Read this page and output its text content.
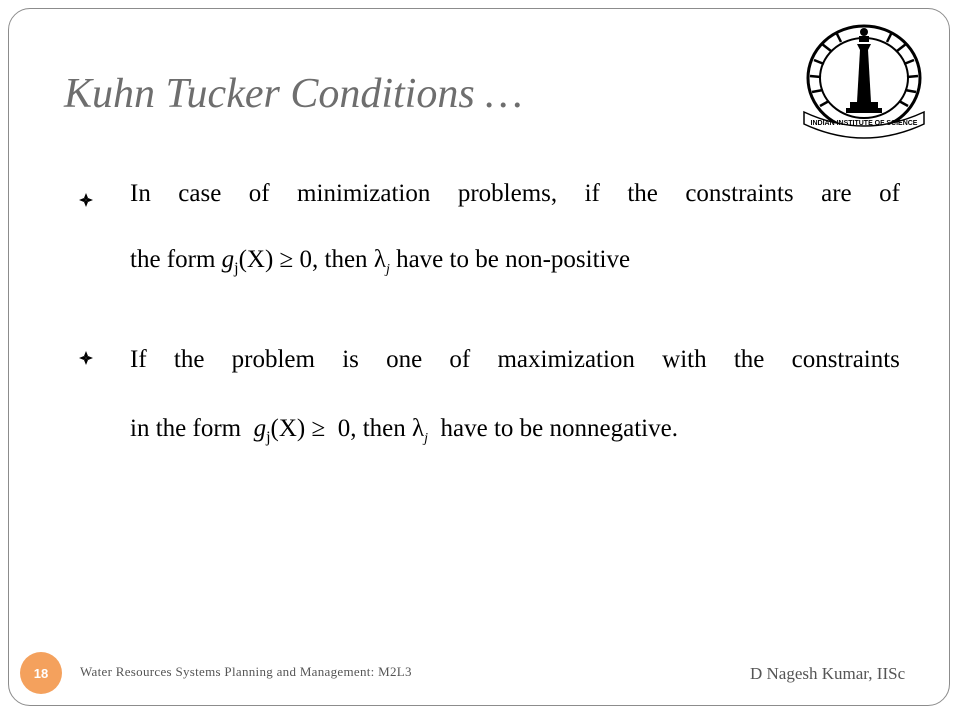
Kuhn Tucker Conditions …
INDIAN INSTITUTE OF SCIENCE
In case of minimization problems, if the constraints are of
the form $g_j(X) \ge 0$, then $\lambda_j$ have to be non-positive
If the problem is one of maximization with the constraints
in the form  $g_j(X) \ge 0$, then $\lambda_j$  have to be nonnegative.
18	Water Resources Systems Planning and Management: M2L3	D Nagesh Kumar, IISc
